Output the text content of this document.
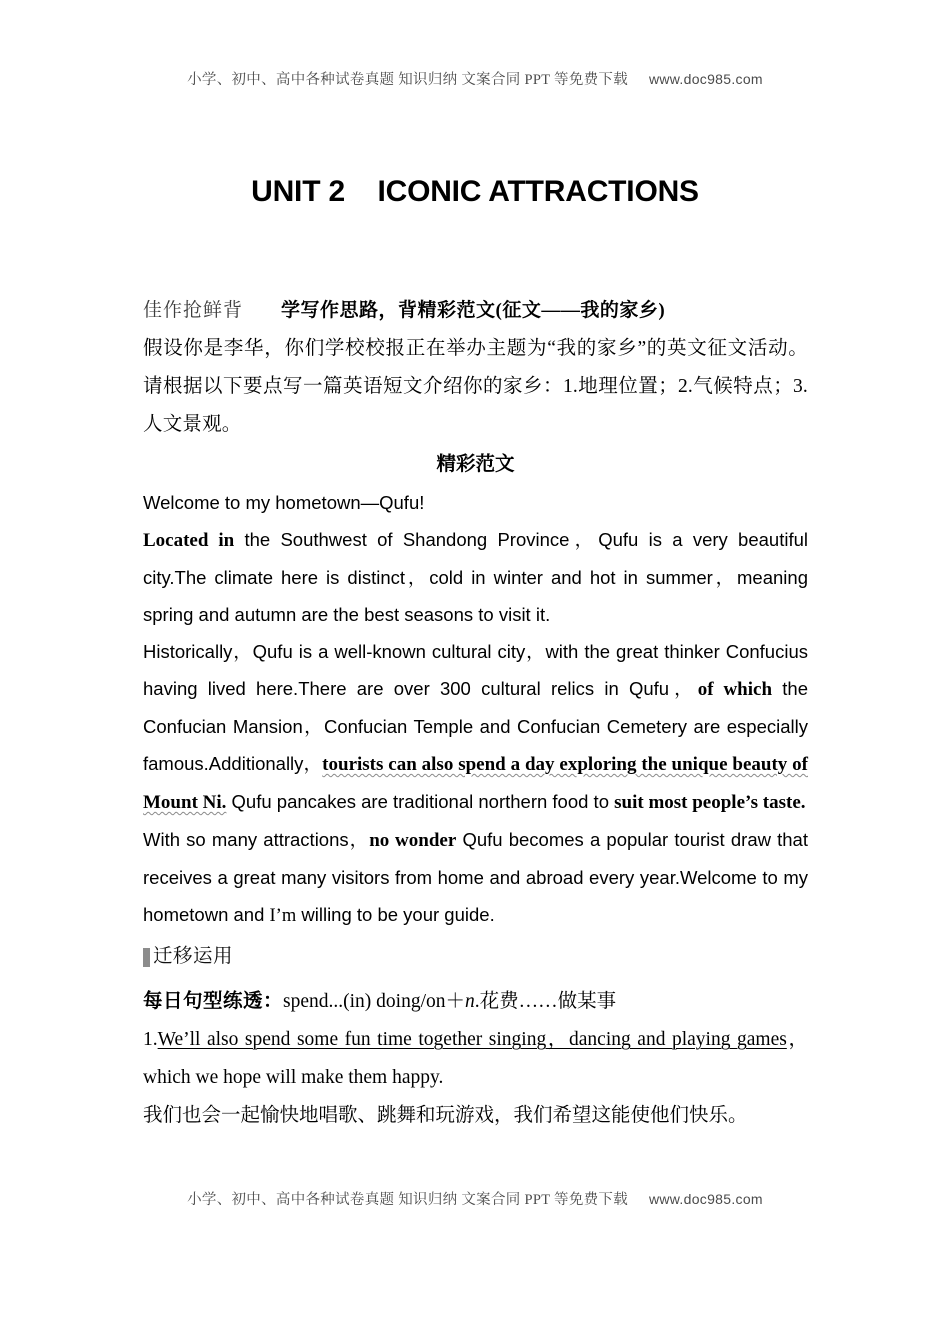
小学、初中、高中各种试卷真题 知识归纳 文案合同 PPT 等免费下载 www.doc985.com
UNIT 2    ICONIC ATTRACTIONS
佳作抢鲜背　　 学写作思路，背精彩范文(征文——我的家乡)
假设你是李华，你们学校校报正在举办主题为“我的家乡”的英文征文活动。请根据以下要点写一篇英语短文介绍你的家乡：1.地理位置；2.气候特点；3.人文景观。
精彩范文
Welcome to my hometown—Qufu!
Located in the Southwest of Shandong Province，Qufu is a very beautiful city.The climate here is distinct，cold in winter and hot in summer，meaning spring and autumn are the best seasons to visit it.
Historically，Qufu is a well-known cultural city，with the great thinker Confucius having lived here.There are over 300 cultural relics in Qufu，of which the Confucian Mansion，Confucian Temple and Confucian Cemetery are especially famous.Additionally，tourists can also spend a day exploring the unique beauty of Mount Ni. Qufu pancakes are traditional northern food to suit most people’s taste.
With so many attractions，no wonder Qufu becomes a popular tourist draw that receives a great many visitors from home and abroad every year.Welcome to my hometown and I’m willing to be your guide.
迁移运用
每日句型练透：spend...(in) doing/on＋n.花费……做某事
1.We’ll also spend some fun time together singing，dancing and playing games，which we hope will make them happy.
我们也会一起愉快地唱歌、跳舞和玩游戏，我们希望这能使他们快乐。
小学、初中、高中各种试卷真题 知识归纳 文案合同 PPT 等免费下载 www.doc985.com
